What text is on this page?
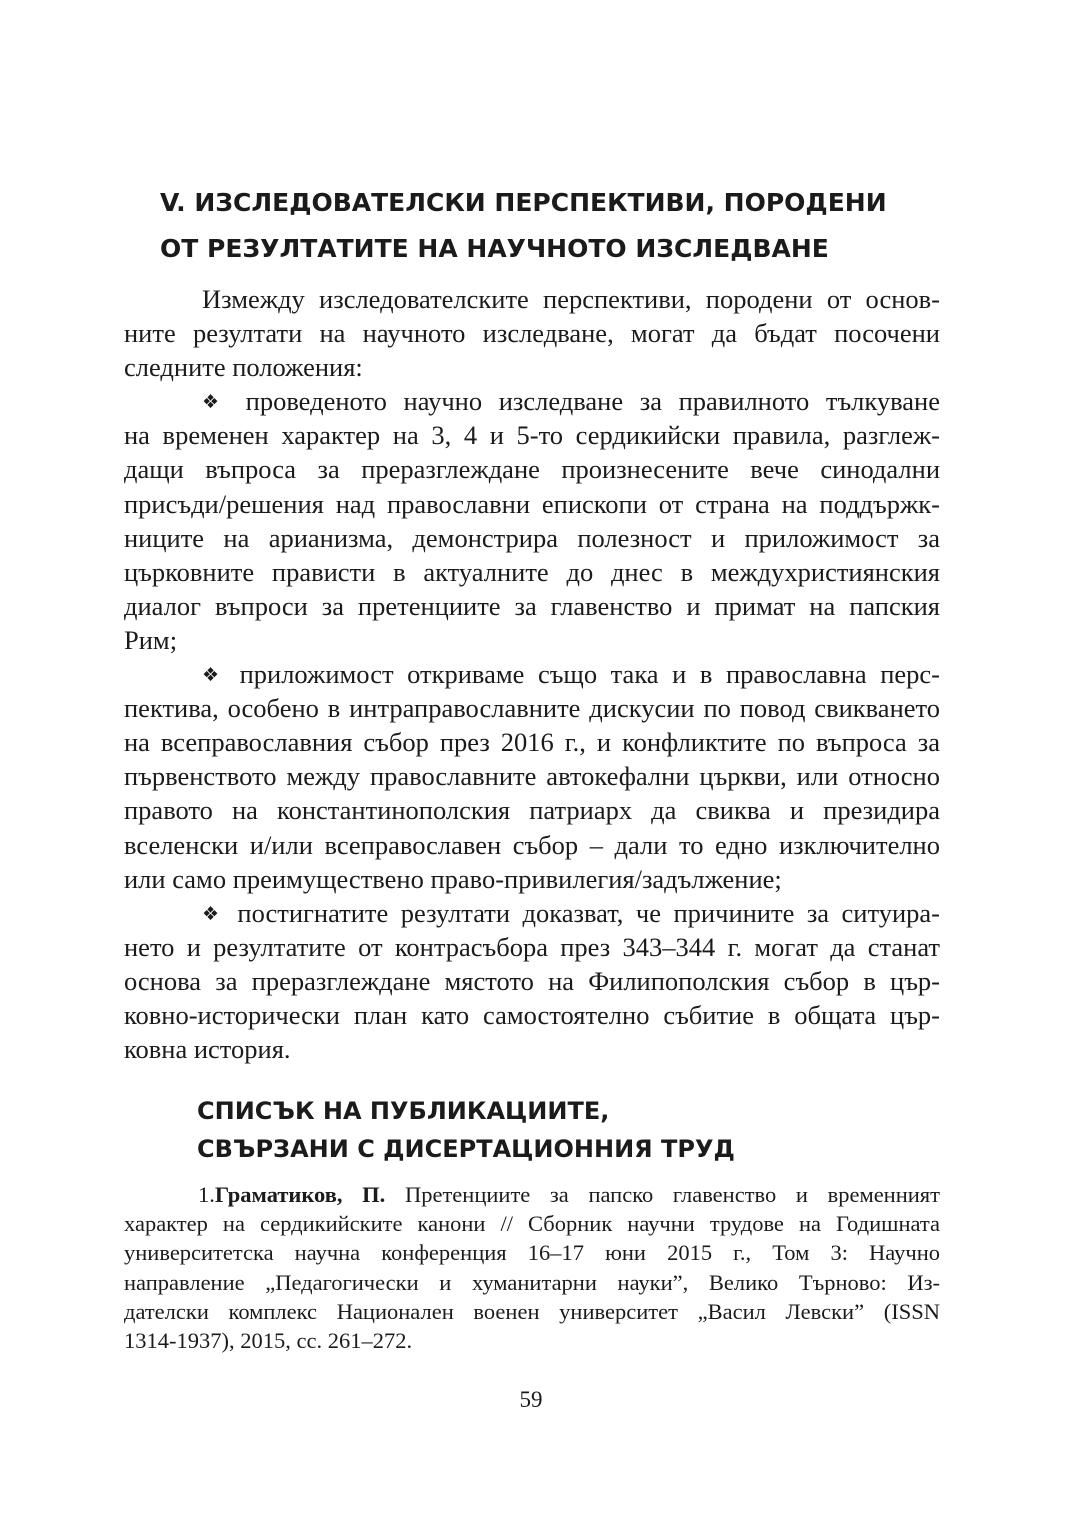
V. ИЗСЛЕДОВАТЕЛСКИ ПЕРСПЕКТИВИ, ПОРОДЕНИ
ОТ РЕЗУЛТАТИТЕ НА НАУЧНОТО ИЗСЛЕДВАНЕ
Измежду изследователските перспективи, породени от основ-
ните резултати на научното изследване, могат да бъдат посочени
следните положения:
❖ проведеното научно изследване за правилното тълкуване
на временен характер на 3, 4 и 5-то сердикийски правила, разглеж-
дащи въпроса за преразглеждане произнесените вече синодални
присъди/решения над православни епископи от страна на поддържк-
ниците на арианизма, демонстрира полезност и приложимост за
църковните прависти в актуалните до днес в междухристиянския
диалог въпроси за претенциите за главенство и примат на папския
Рим;
❖ приложимост откриваме също така и в православна перс-
пектива, особено в интраправославните дискусии по повод свикването
на всеправославния събор през 2016 г., и конфликтите по въпроса за
първенството между православните автокефални църкви, или относно
правото на константинополския патриарх да свиква и президира
вселенски и/или всеправославен събор – дали то едно изключително
или само преимуществено право-привилегия/задължение;
❖ постигнатите резултати доказват, че причините за ситуира-
нето и резултатите от контрасъбора през 343–344 г. могат да станат
основа за преразглеждане мястото на Филипополския събор в цър-
ковно-исторически план като самостоятелно събитие в общата цър-
ковна история.
СПИСЪК НА ПУБЛИКАЦИИТЕ,
СВЪРЗАНИ С ДИСЕРТАЦИОННИЯ ТРУД
1.Граматиков, П. Претенциите за папско главенство и временният
характер на сердикийските канони // Сборник научни трудове на Годишната
университетска научна конференция 16–17 юни 2015 г., Том 3: Научно
направление „Педагогически и хуманитарни науки”, Велико Търново: Из-
дателски комплекс Национален военен университет „Васил Левски” (ISSN
1314-1937), 2015, сс. 261–272.
59
